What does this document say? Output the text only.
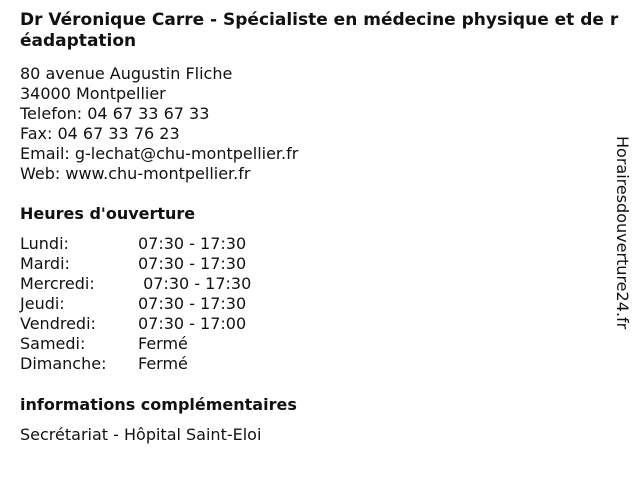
Dr Véronique Carre - Spécialiste en médecine physique et de réadaptation
80 avenue Augustin Fliche
34000 Montpellier
Telefon: 04 67 33 67 33
Fax: 04 67 33 76 23
Email: g-lechat@chu-montpellier.fr
Web: www.chu-montpellier.fr
Heures d'ouverture
Lundi:	07:30 - 17:30
Mardi:	07:30 - 17:30
Mercredi:	07:30 - 17:30
Jeudi:	07:30 - 17:30
Vendredi:	07:30 - 17:00
Samedi:	Fermé
Dimanche:	Fermé
informations complémentaires
Secrétariat - Hôpital Saint-Eloi
Horairesdouverture24.fr
